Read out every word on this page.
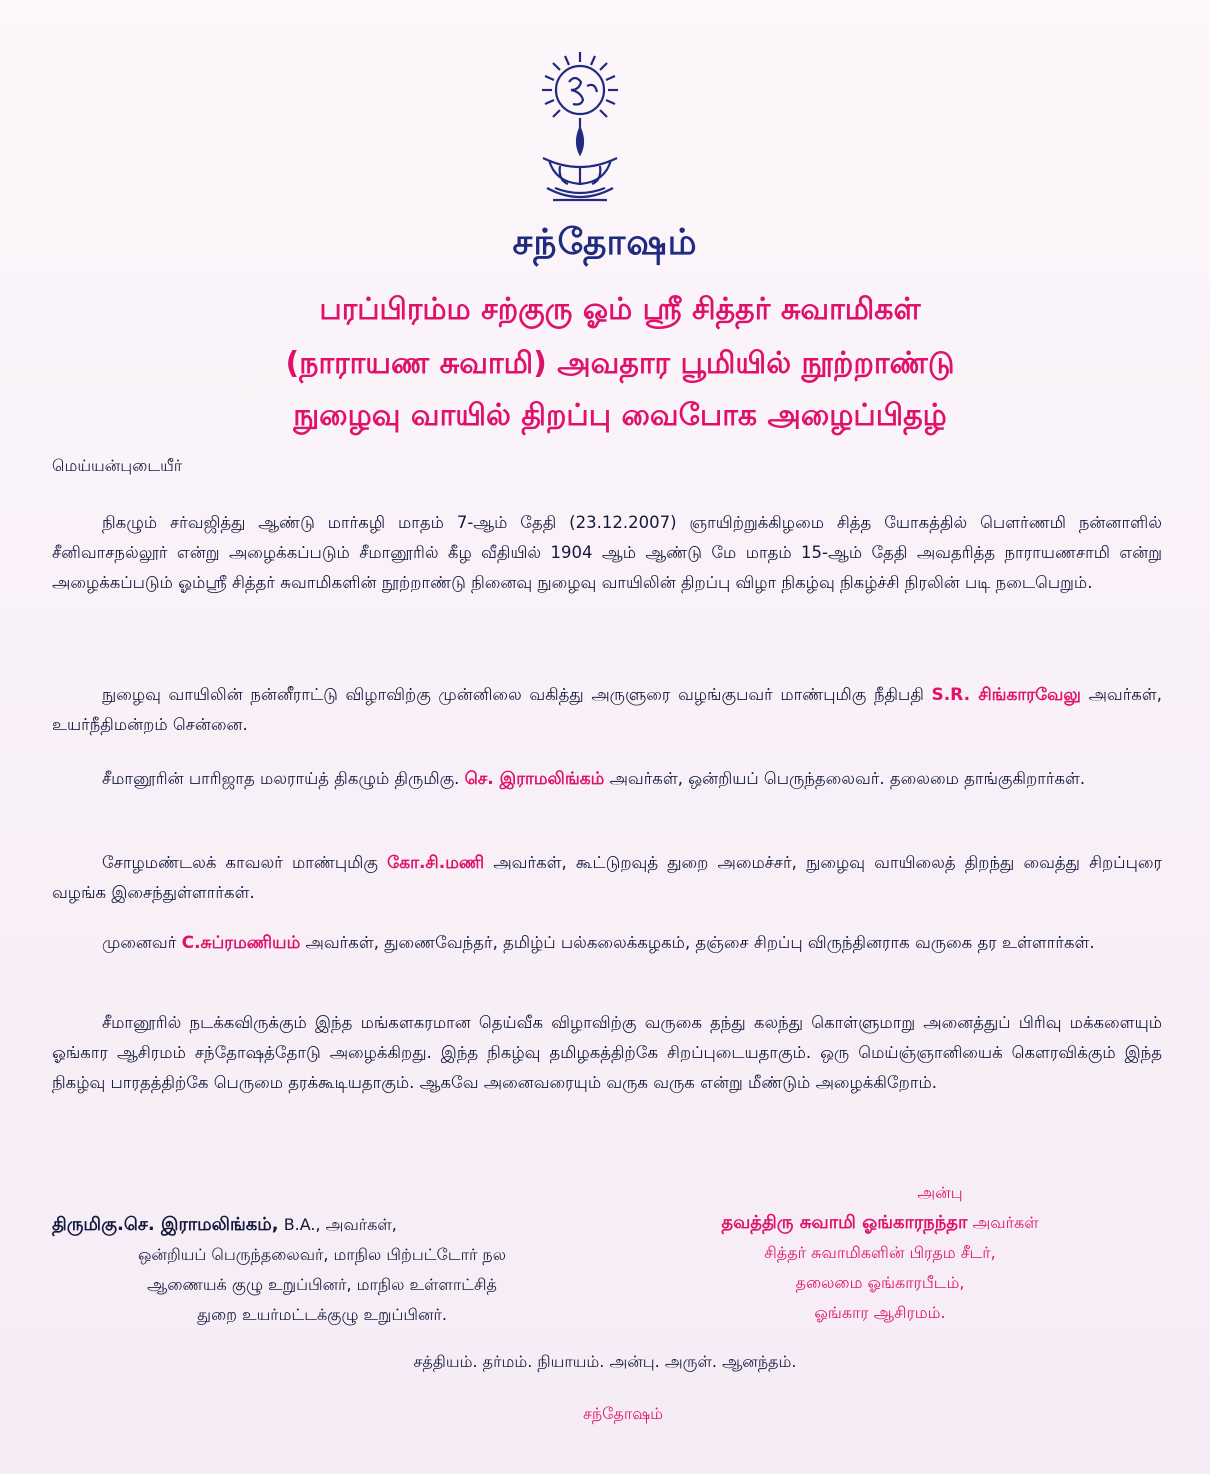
சந்தோஷம்
பரப்பிரம்ம சற்குரு ஓம் ஸ்ரீ சித்தர் சுவாமிகள்
(நாராயண சுவாமி) அவதார பூமியில் நூற்றாண்டு
நுழைவு வாயில் திறப்பு வைபோக அழைப்பிதழ்
மெய்யன்புடையீர்
நிகழும் சர்வஜித்து ஆண்டு மார்கழி மாதம் 7-ஆம் தேதி (23.12.2007) ஞாயிற்றுக்கிழமை சித்த யோகத்தில் பௌர்ணமி நன்னாளில் சீனிவாசநல்லூர் என்று அழைக்கப்படும் சீமானூரில் கீழ வீதியில் 1904 ஆம் ஆண்டு மே மாதம் 15-ஆம் தேதி அவதரித்த நாராயணசாமி என்று அழைக்கப்படும் ஓம்ஸ்ரீ சித்தர் சுவாமிகளின் நூற்றாண்டு நினைவு நுழைவு வாயிலின் திறப்பு விழா நிகழ்வு நிகழ்ச்சி நிரலின் படி நடைபெறும்.
நுழைவு வாயிலின் நன்னீராட்டு விழாவிற்கு முன்னிலை வகித்து அருளுரை வழங்குபவர் மாண்புமிகு நீதிபதி S.R. சிங்காரவேலு அவர்கள், உயர்நீதிமன்றம் சென்னை.
சீமானூரின் பாரிஜாத மலராய்த் திகழும் திருமிகு. செ. இராமலிங்கம் அவர்கள், ஒன்றியப் பெருந்தலைவர். தலைமை தாங்குகிறார்கள்.
சோழமண்டலக் காவலர் மாண்புமிகு கோ.சி.மணி அவர்கள், கூட்டுறவுத் துறை அமைச்சர், நுழைவு வாயிலைத் திறந்து வைத்து சிறப்புரை வழங்க இசைந்துள்ளார்கள்.
முனைவர் C.சுப்ரமணியம் அவர்கள், துணைவேந்தர், தமிழ்ப் பல்கலைக்கழகம், தஞ்சை சிறப்பு விருந்தினராக வருகை தர உள்ளார்கள்.
சீமானூரில் நடக்கவிருக்கும் இந்த மங்களகரமான தெய்வீக விழாவிற்கு வருகை தந்து கலந்து கொள்ளுமாறு அனைத்துப் பிரிவு மக்களையும் ஓங்கார ஆசிரமம் சந்தோஷத்தோடு அழைக்கிறது. இந்த நிகழ்வு தமிழகத்திற்கே சிறப்புடையதாகும். ஒரு மெய்ஞ்ஞானியைக் கௌரவிக்கும் இந்த நிகழ்வு பாரதத்திற்கே பெருமை தரக்கூடியதாகும். ஆகவே அனைவரையும் வருக வருக என்று மீண்டும் அழைக்கிறோம்.
திருமிகு.செ. இராமலிங்கம், B.A., அவர்கள்,
ஒன்றியப் பெருந்தலைவர், மாநில பிற்பட்டோர் நல
ஆணையக் குழு உறுப்பினர், மாநில உள்ளாட்சித்
துறை உயர்மட்டக்குழு உறுப்பினர்.
அன்பு
தவத்திரு சுவாமி ஓங்காரநந்தா அவர்கள்
சித்தர் சுவாமிகளின் பிரதம சீடர்,
தலைமை ஓங்காரபீடம்,
ஓங்கார ஆசிரமம்.
சத்தியம். தர்மம். நியாயம். அன்பு. அருள். ஆனந்தம்.
சந்தோஷம்
